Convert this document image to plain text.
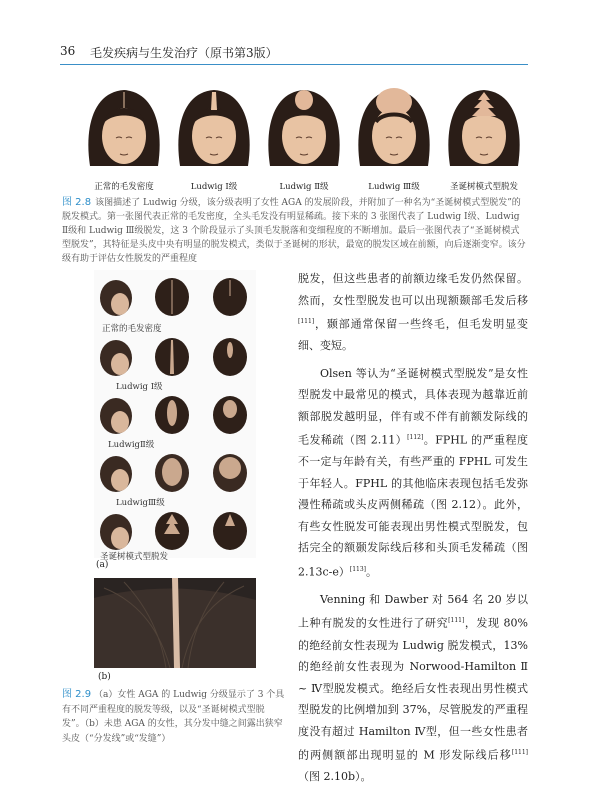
36 毛发疾病与生发治疗（原书第3版）
正常的毛发密度	Ludwig Ⅰ级	Ludwig Ⅱ级	Ludwig Ⅲ级	圣诞树模式型脱发
图 2.8 该图描述了 Ludwig 分级，该分级表明了女性 AGA 的发展阶段，并附加了一种名为“圣诞树模式型脱发”的脱发模式。第一张图代表正常的毛发密度，全头毛发没有明显稀疏。接下来的 3 张图代表了 Ludwig Ⅰ级、Ludwig Ⅱ级和 Ludwig Ⅲ级脱发，这 3 个阶段显示了头顶毛发脱落和变细程度的不断增加。最后一张图代表了“圣诞树模式型脱发”，其特征是头皮中央有明显的脱发模式，类似于圣诞树的形状，最宽的脱发区域在前额，向后逐渐变窄。该分级有助于评估女性脱发的严重程度
正常的毛发密度
Ludwig Ⅰ级
LudwigⅡ级
LudwigⅢ级
圣诞树模式型脱发
(a)
(b)
图 2.9 （a）女性 AGA 的 Ludwig 分级显示了 3 个具有不同严重程度的脱发等级，以及“圣诞树模式型脱发”。（b）未患 AGA 的女性，其分发中缝之间露出狭窄头皮（“分发线”或“发缝”）

脱发，但这些患者的前额边缘毛发仍然保留。然而，女性型脱发也可以出现额颞部毛发后移[111]，颞部通常保留一些终毛，但毛发明显变细、变短。

Olsen 等认为“圣诞树模式型脱发”是女性型脱发中最常见的模式，具体表现为越靠近前额部脱发越明显，伴有或不伴有前额发际线的毛发稀疏（图 2.11）[112]。FPHL 的严重程度不一定与年龄有关，有些严重的 FPHL 可发生于年轻人。FPHL 的其他临床表现包括毛发弥漫性稀疏或头皮两侧稀疏（图 2.12）。此外，有些女性脱发可能表现出男性模式型脱发，包括完全的额颞发际线后移和头顶毛发稀疏（图 2.13c-e）[113]。

Venning 和 Dawber 对 564 名 20 岁以上种有脱发的女性进行了研究[111]，发现 80% 的绝经前女性表现为 Ludwig 脱发模式，13% 的绝经前女性表现为 Norwood-Hamilton Ⅱ ~ Ⅳ型脱发模式。绝经后女性表现出男性模式型脱发的比例增加到 37%，尽管脱发的严重程度没有超过 Hamilton Ⅳ型，但一些女性患者的两侧额部出现明显的 M 形发际线后移[111]（图 2.10b）。
